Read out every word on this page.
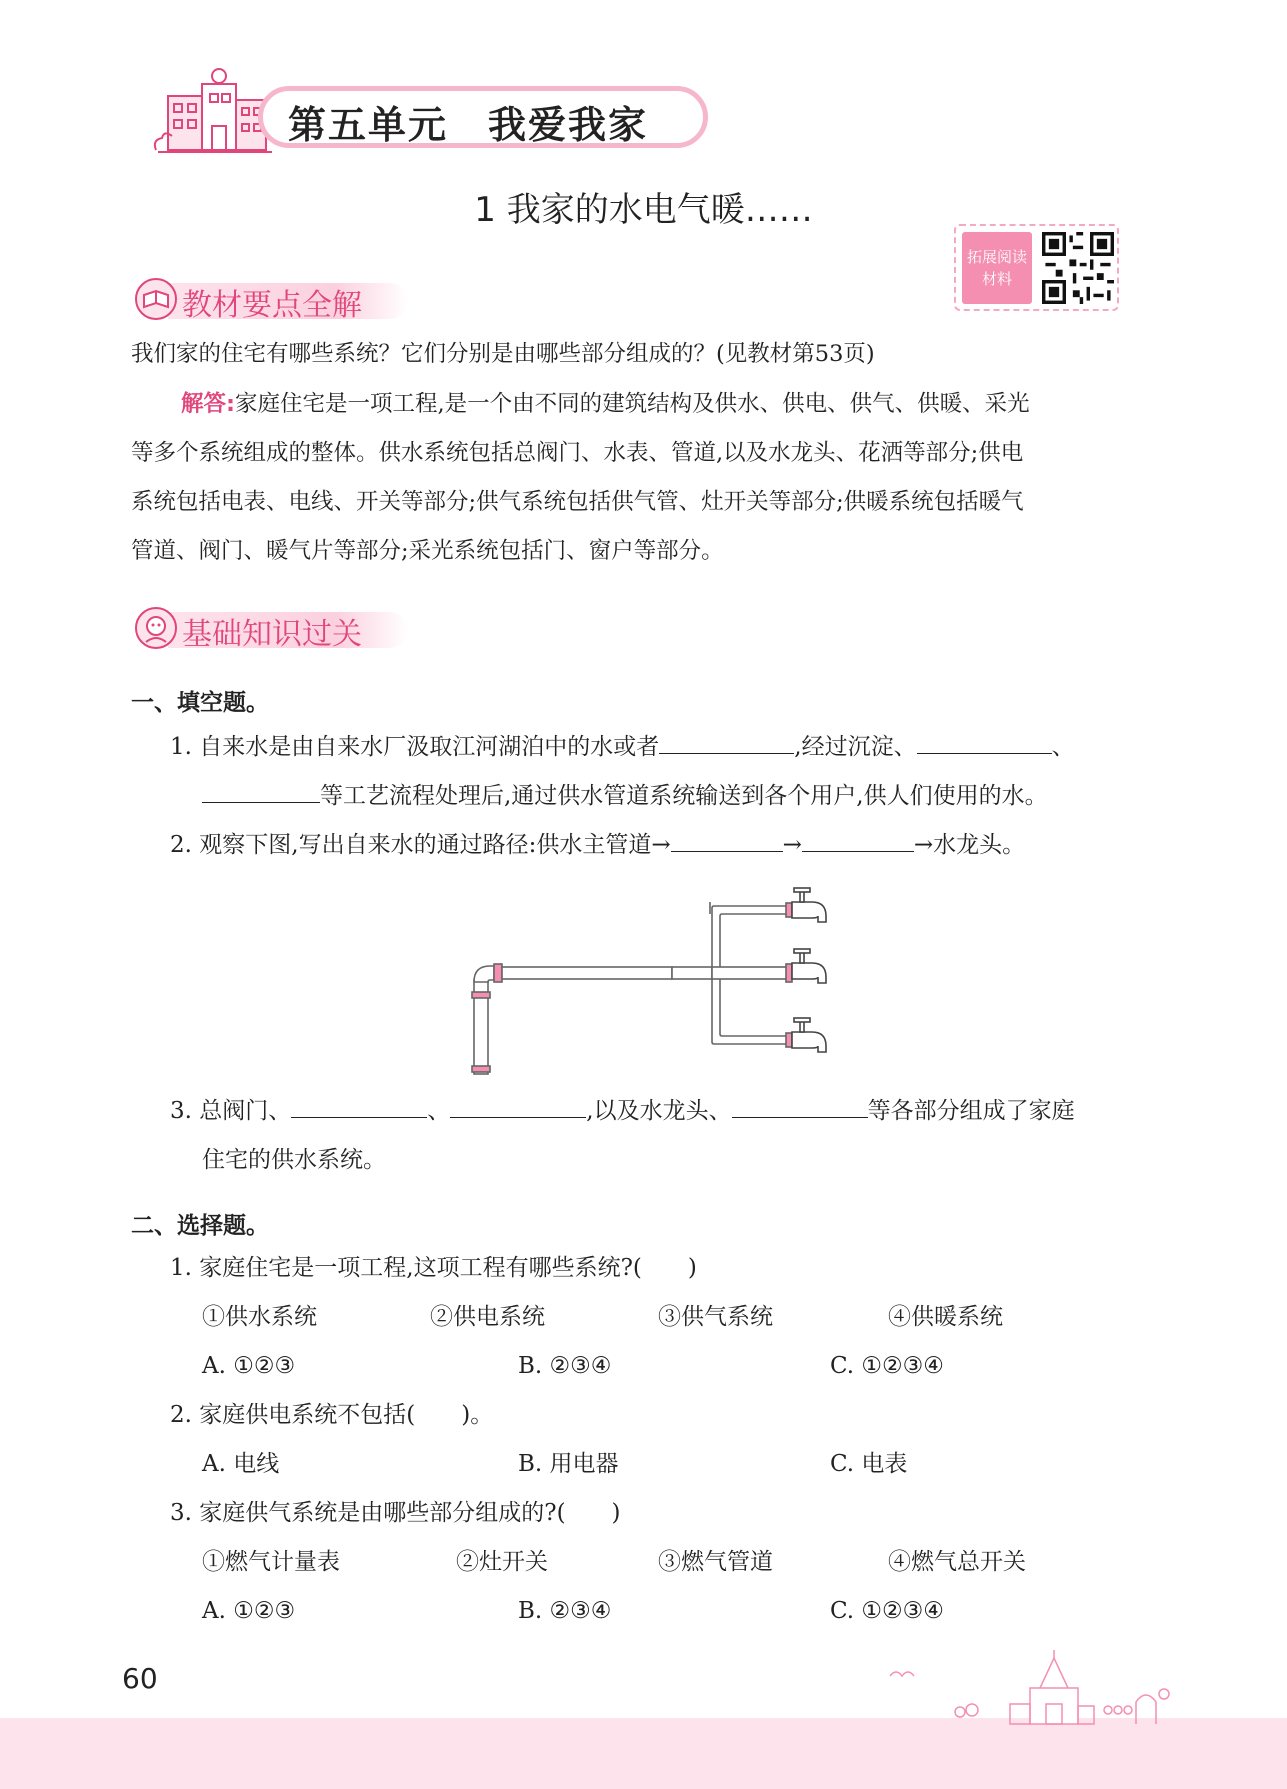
第五单元　我爱我家
1 我家的水电气暖……
拓展阅读
材料
教材要点全解
我们家的住宅有哪些系统？它们分别是由哪些部分组成的？(见教材第53页)
解答:家庭住宅是一项工程,是一个由不同的建筑结构及供水、供电、供气、供暖、采光
等多个系统组成的整体。供水系统包括总阀门、水表、管道,以及水龙头、花洒等部分;供电
系统包括电表、电线、开关等部分;供气系统包括供气管、灶开关等部分;供暖系统包括暖气
管道、阀门、暖气片等部分;采光系统包括门、窗户等部分。
基础知识过关
一、填空题。
1. 自来水是由自来水厂汲取江河湖泊中的水或者	,经过沉淀、	、
等工艺流程处理后,通过供水管道系统输送到各个用户,供人们使用的水。
2. 观察下图,写出自来水的通过路径:供水主管道→	→	→水龙头。
3. 总阀门、	、	,以及水龙头、	等各部分组成了家庭
住宅的供水系统。
二、选择题。
1. 家庭住宅是一项工程,这项工程有哪些系统?(　　)
①供水系统	②供电系统	③供气系统	④供暖系统
A. ①②③	B. ②③④	C. ①②③④
2. 家庭供电系统不包括(　　)。
A. 电线	B. 用电器	C. 电表
3. 家庭供气系统是由哪些部分组成的?(　　)
①燃气计量表	②灶开关	③燃气管道	④燃气总开关
A. ①②③	B. ②③④	C. ①②③④
60
